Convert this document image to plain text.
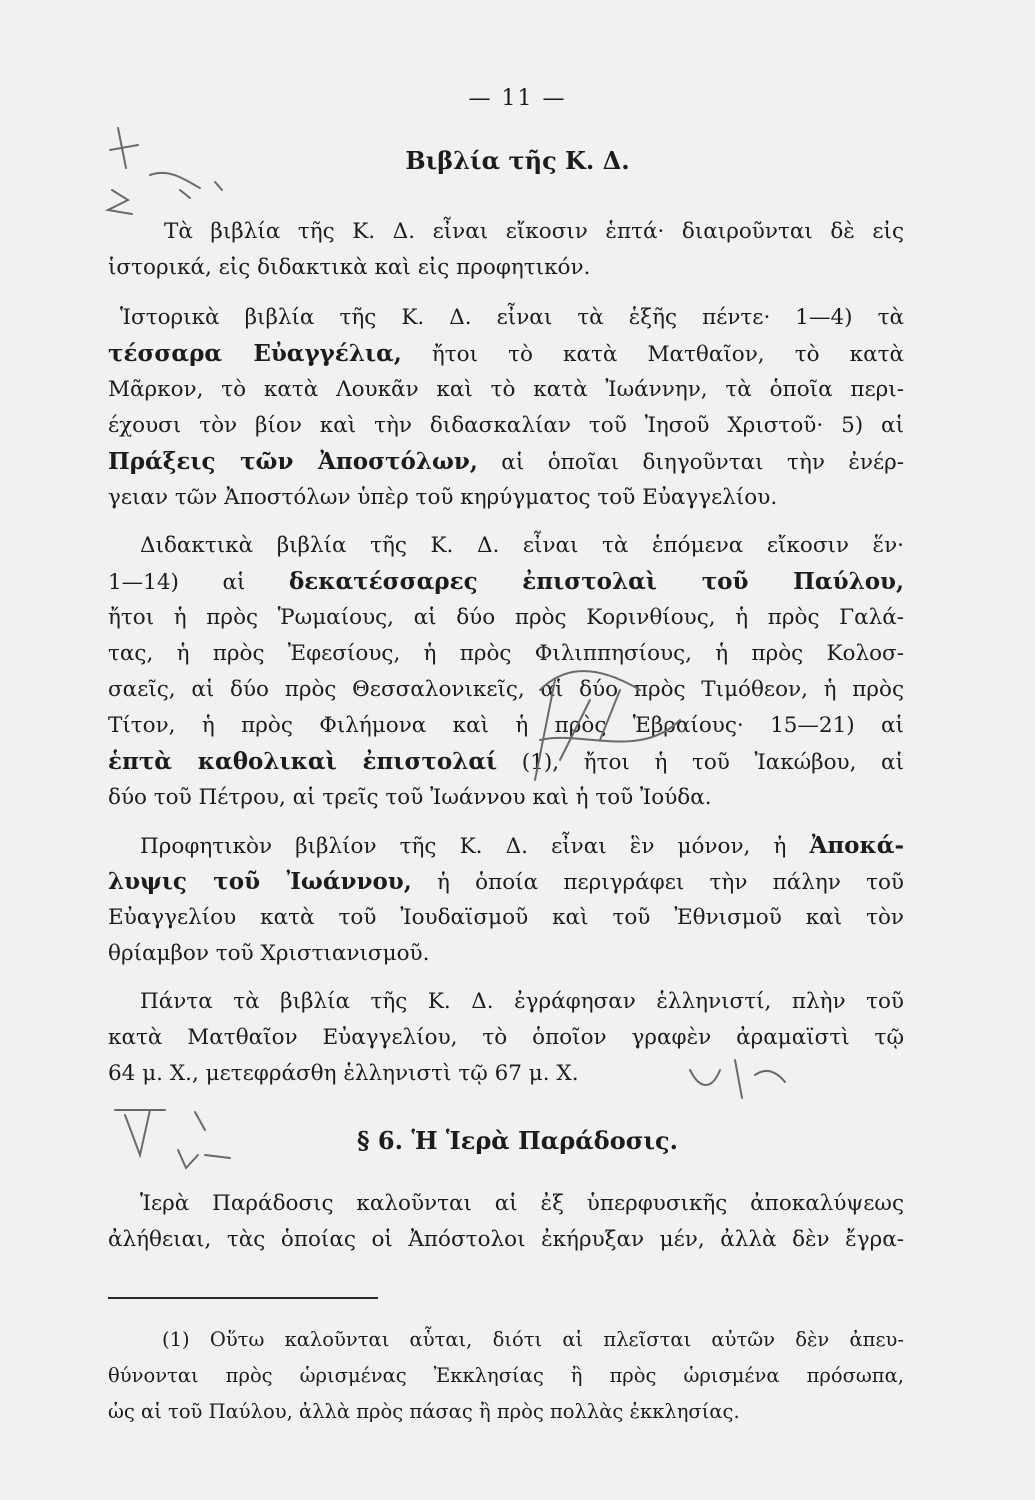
— 11 —
Βιβλία τῆς Κ. Δ.
Τὰ βιβλία τῆς Κ. Δ. εἶναι εἴκοσιν ἑπτά· διαιροῦνται δὲ εἰς
ἱστορικά, εἰς διδακτικὰ καὶ εἰς προφητικόν.
Ἱστορικὰ βιβλία τῆς Κ. Δ. εἶναι τὰ ἑξῆς πέντε· 1—4) τὰ
τέσσαρα Εὐαγγέλια, ἤτοι τὸ κατὰ Ματθαῖον, τὸ κατὰ
Μᾶρκον, τὸ κατὰ Λουκᾶν καὶ τὸ κατὰ Ἰωάννην, τὰ ὁποῖα περι-
έχουσι τὸν βίον καὶ τὴν διδασκαλίαν τοῦ Ἰησοῦ Χριστοῦ· 5) αἱ
Πράξεις τῶν Ἀποστόλων, αἱ ὁποῖαι διηγοῦνται τὴν ἐνέρ-
γειαν τῶν Ἀποστόλων ὑπὲρ τοῦ κηρύγματος τοῦ Εὐαγγελίου.
Διδακτικὰ βιβλία τῆς Κ. Δ. εἶναι τὰ ἑπόμενα εἴκοσιν ἕν·
1—14) αἱ δεκατέσσαρες ἐπιστολαὶ τοῦ Παύλου,
ἤτοι ἡ πρὸς Ῥωμαίους, αἱ δύο πρὸς Κορινθίους, ἡ πρὸς Γαλά-
τας, ἡ πρὸς Ἐφεσίους, ἡ πρὸς Φιλιππησίους, ἡ πρὸς Κολοσ-
σαεῖς, αἱ δύο πρὸς Θεσσαλονικεῖς, αἱ δύο πρὸς Τιμόθεον, ἡ πρὸς
Τίτον, ἡ πρὸς Φιλήμονα καὶ ἡ πρὸς Ἑβραίους· 15—21) αἱ
ἑπτὰ καθολικαὶ ἐπιστολαί (1), ἤτοι ἡ τοῦ Ἰακώβου, αἱ
δύο τοῦ Πέτρου, αἱ τρεῖς τοῦ Ἰωάννου καὶ ἡ τοῦ Ἰούδα.
Προφητικὸν βιβλίον τῆς Κ. Δ. εἶναι ἓν μόνον, ἡ Ἀποκά-
λυψις τοῦ Ἰωάννου, ἡ ὁποία περιγράφει τὴν πάλην τοῦ
Εὐαγγελίου κατὰ τοῦ Ἰουδαϊσμοῦ καὶ τοῦ Ἐθνισμοῦ καὶ τὸν
θρίαμβον τοῦ Χριστιανισμοῦ.
Πάντα τὰ βιβλία τῆς Κ. Δ. ἐγράφησαν ἑλληνιστί, πλὴν τοῦ
κατὰ Ματθαῖον Εὐαγγελίου, τὸ ὁποῖον γραφὲν ἀραμαϊστὶ τῷ
64 μ. Χ., μετεφράσθη ἑλληνιστὶ τῷ 67 μ. Χ.
§ 6. Ἡ Ἱερὰ Παράδοσις.
Ἱερὰ Παράδοσις καλοῦνται αἱ ἐξ ὑπερφυσικῆς ἀποκαλύψεως
ἀλήθειαι, τὰς ὁποίας οἱ Ἀπόστολοι ἐκήρυξαν μέν, ἀλλὰ δὲν ἔγρα-
(1) Οὕτω καλοῦνται αὗται, διότι αἱ πλεῖσται αὐτῶν δὲν ἀπευ-
θύνονται πρὸς ὡρισμένας Ἐκκλησίας ἢ πρὸς ὡρισμένα πρόσωπα,
ὡς αἱ τοῦ Παύλου, ἀλλὰ πρὸς πάσας ἢ πρὸς πολλὰς ἐκκλησίας.
